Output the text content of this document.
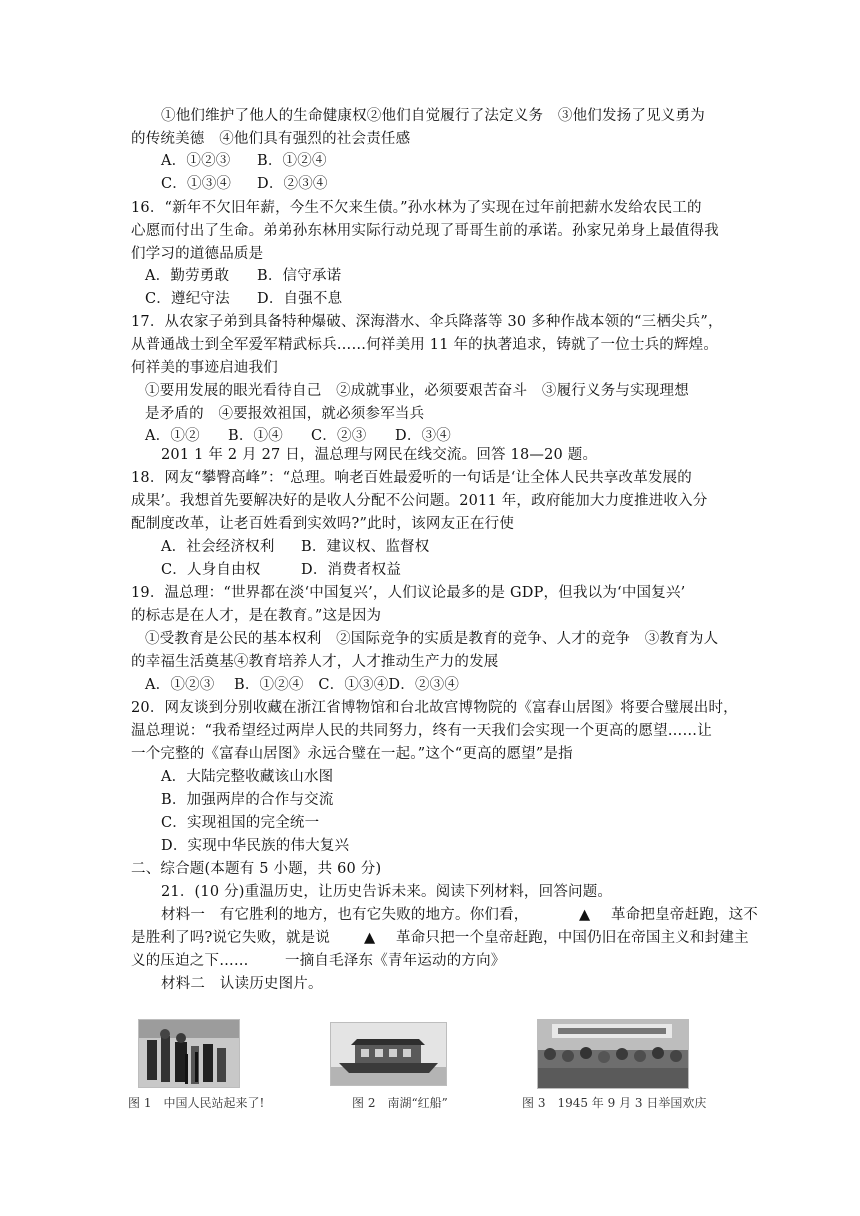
①他们维护了他人的生命健康权②他们自觉履行了法定义务　③他们发扬了见义勇为
的传统美德　④他们具有强烈的社会责任感
A．①②③ B．①②④
C．①③④ D．②③④
16．“新年不欠旧年薪，今生不欠来生债。”孙水林为了实现在过年前把薪水发给农民工的
心愿而付出了生命。弟弟孙东林用实际行动兑现了哥哥生前的承诺。孙家兄弟身上最值得我
们学习的道德品质是
A．勤劳勇敢 B．信守承诺
C．遵纪守法 D．自强不息
17．从农家子弟到具备特种爆破、深海潜水、伞兵降落等 30 多种作战本领的“三栖尖兵”，
从普通战士到全军爱军精武标兵……何祥美用 11 年的执著追求，铸就了一位士兵的辉煌。
何祥美的事迹启迪我们
①要用发展的眼光看待自己　②成就事业，必须要艰苦奋斗　③履行义务与实现理想
是矛盾的　④要报效祖国，就必须参军当兵
A．①② B．①④ C．②③ D．③④
201 1 年 2 月 27 日，温总理与网民在线交流。回答 18—20 题。
18．网友“攀臀高峰”：“总理。响老百姓最爱听的一句话是‘让全体人民共享改革发展的
成果’。我想首先要解决好的是收人分配不公问题。2011 年，政府能加大力度推进收入分
配制度改革，让老百姓看到实效吗?”此时，该网友正在行使
A．社会经济权利 B．建议权、监督权
C．人身自由权	D．消费者权益
19．温总理：“世界都在淡‘中国复兴’，人们议论最多的是 GDP，但我以为‘中国复兴’
的标志是在人才，是在教育。”这是因为
①受教育是公民的基本权利　②国际竞争的实质是教育的竞争、人才的竞争　③教育为人
的幸福生活奠基④教育培养人才，人才推动生产力的发展
A．①②③　 B．①②④　C．①③④D．②③④
20．网友谈到分别收藏在浙江省博物馆和台北故宫博物院的《富春山居图》将要合璧展出时，
温总理说：“我希望经过两岸人民的共同努力，终有一天我们会实现一个更高的愿望……让
一个完整的《富春山居图》永远合璧在一起。”这个“更高的愿望”是指
A．大陆完整收藏该山水图
B．加强两岸的合作与交流
C．实现祖国的完全统一
D．实现中华民族的伟大复兴
二、综合题(本题有 5 小题，共 60 分)
21．(10 分)重温历史，让历史告诉未来。阅读下列材料，回答问题。
材料一　有它胜利的地方，也有它失败的地方。你们看，	▲ 革命把皇帝赶跑，这不
是胜利了吗?说它失败，就是说 ▲ 革命只把一个皇帝赶跑，中国仍旧在帝国主义和封建主
义的压迫之下……	一摘自毛泽东《青年运动的方向》
材料二　认读历史图片。
图 1　中国人民站起来了!	图 2　南湖“红船”	图 3　1945 年 9 月 3 日举国欢庆
